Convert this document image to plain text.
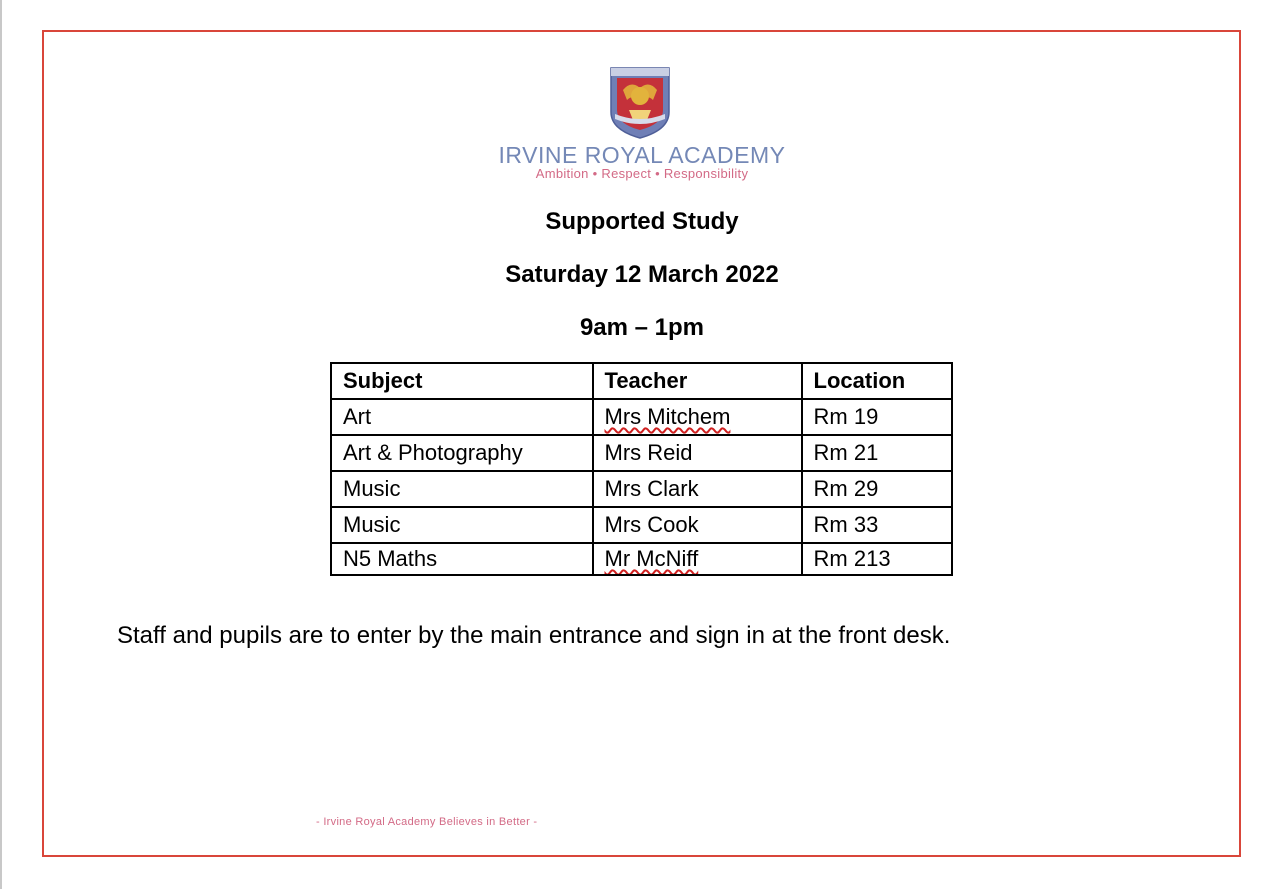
IRVINE ROYAL ACADEMY
Ambition • Respect • Responsibility
Supported Study
Saturday 12 March 2022
9am – 1pm
Subject	Teacher	Location
Art	Mrs Mitchem	Rm 19
Art & Photography	Mrs Reid	Rm 21
Music	Mrs Clark	Rm 29
Music	Mrs Cook	Rm 33
N5 Maths	Mr McNiff	Rm 213
Staff and pupils are to enter by the main entrance and sign in at the front desk.
- Irvine Royal Academy Believes in Better -
